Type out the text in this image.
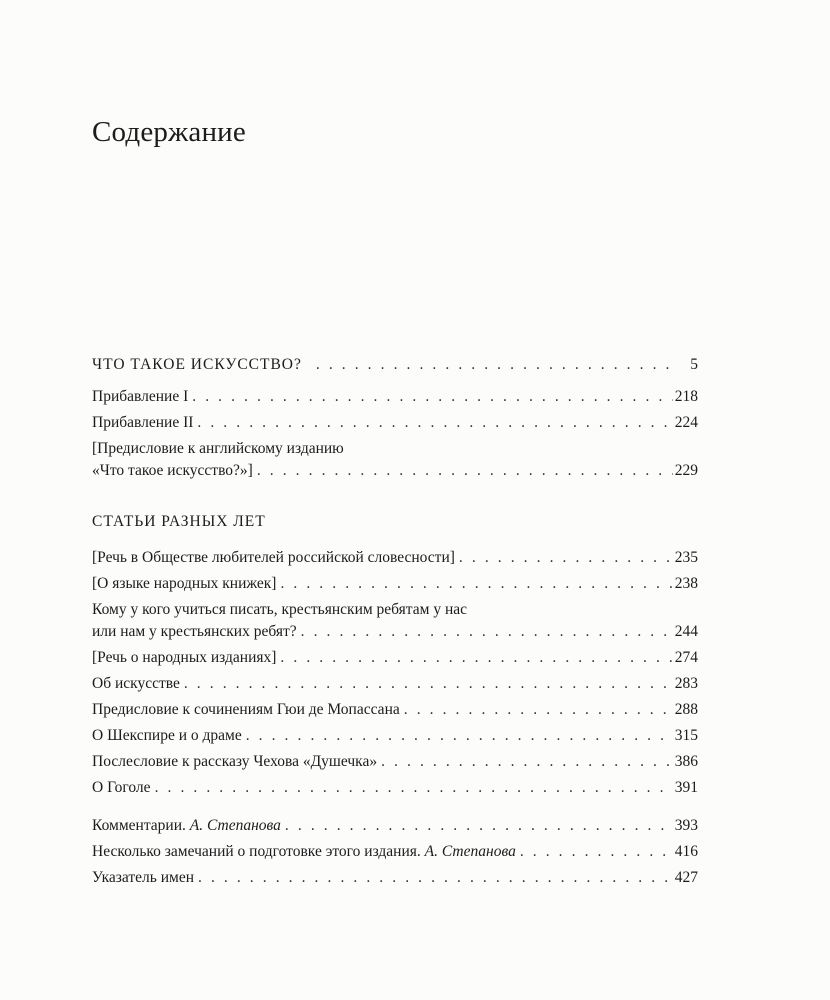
Содержание
ЧТО ТАКОЕ ИСКУССТВО? . . .	5
Прибавление I . . .	218
Прибавление II . . .	224
[Предисловие к английскому изданию
«Что такое искусство?»] . . .	229
СТАТЬИ РАЗНЫХ ЛЕТ
[Речь в Обществе любителей российской словесности] . . .	235
[О языке народных книжек] . . .	238
Кому у кого учиться писать, крестьянским ребятам у нас
или нам у крестьянских ребят? . . .	244
[Речь о народных изданиях] . . .	274
Об искусстве . . .	283
Предисловие к сочинениям Гюи де Мопассана . . .	288
О Шекспире и о драме . . .	315
Послесловие к рассказу Чехова «Душечка» . . .	386
О Гоголе . . .	391
Комментарии. А. Степанова . . .	393
Несколько замечаний о подготовке этого издания. А. Степанова . . .	416
Указатель имен . . .	427
